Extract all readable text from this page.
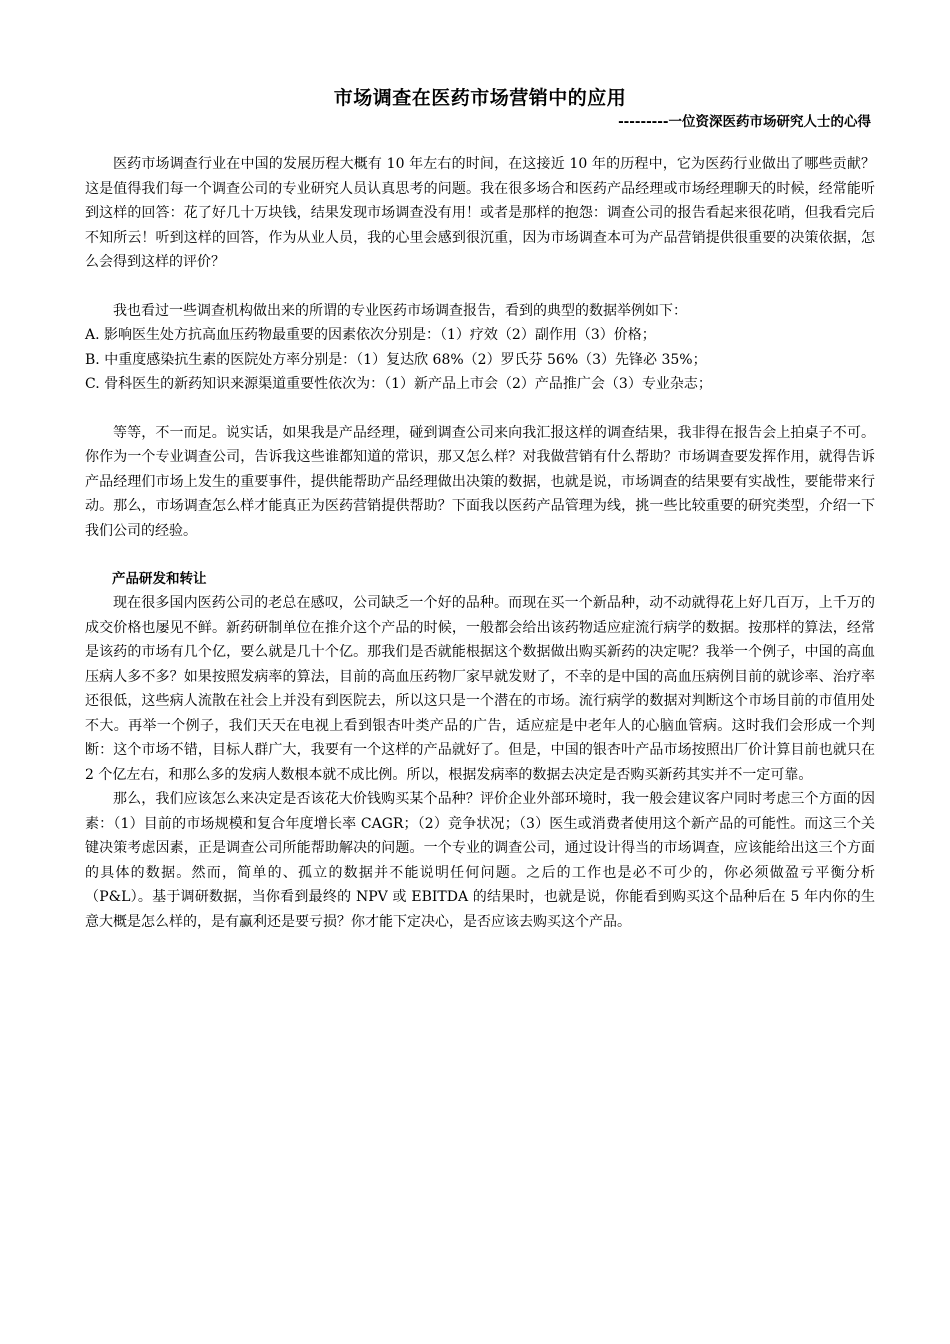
市场调查在医药市场营销中的应用
---------一位资深医药市场研究人士的心得

医药市场调查行业在中国的发展历程大概有 10 年左右的时间，在这接近 10 年的历程中，它为医药行业做出了哪些贡献？这是值得我们每一个调查公司的专业研究人员认真思考的问题。我在很多场合和医药产品经理或市场经理聊天的时候，经常能听到这样的回答：花了好几十万块钱，结果发现市场调查没有用！或者是那样的抱怨：调查公司的报告看起来很花哨，但我看完后不知所云！听到这样的回答，作为从业人员，我的心里会感到很沉重，因为市场调查本可为产品营销提供很重要的决策依据，怎么会得到这样的评价？

我也看过一些调查机构做出来的所谓的专业医药市场调查报告，看到的典型的数据举例如下：

A. 影响医生处方抗高血压药物最重要的因素依次分别是：（1）疗效（2）副作用（3）价格；
B. 中重度感染抗生素的医院处方率分别是：（1）复达欣 68%（2）罗氏芬 56%（3）先锋必 35%；
C. 骨科医生的新药知识来源渠道重要性依次为：（1）新产品上市会（2）产品推广会（3）专业杂志；

等等，不一而足。说实话，如果我是产品经理，碰到调查公司来向我汇报这样的调查结果，我非得在报告会上拍桌子不可。你作为一个专业调查公司，告诉我这些谁都知道的常识，那又怎么样？对我做营销有什么帮助？市场调查要发挥作用，就得告诉产品经理们市场上发生的重要事件，提供能帮助产品经理做出决策的数据，也就是说，市场调查的结果要有实战性，要能带来行动。那么，市场调查怎么样才能真正为医药营销提供帮助？下面我以医药产品管理为线，挑一些比较重要的研究类型，介绍一下我们公司的经验。

产品研发和转让

现在很多国内医药公司的老总在感叹，公司缺乏一个好的品种。而现在买一个新品种，动不动就得花上好几百万，上千万的成交价格也屡见不鲜。新药研制单位在推介这个产品的时候，一般都会给出该药物适应症流行病学的数据。按那样的算法，经常是该药的市场有几个亿，要么就是几十个亿。那我们是否就能根据这个数据做出购买新药的决定呢？我举一个例子，中国的高血压病人多不多？如果按照发病率的算法，目前的高血压药物厂家早就发财了，不幸的是中国的高血压病例目前的就诊率、治疗率还很低，这些病人流散在社会上并没有到医院去，所以这只是一个潜在的市场。流行病学的数据对判断这个市场目前的市值用处不大。再举一个例子，我们天天在电视上看到银杏叶类产品的广告，适应症是中老年人的心脑血管病。这时我们会形成一个判断：这个市场不错，目标人群广大，我要有一个这样的产品就好了。但是，中国的银杏叶产品市场按照出厂价计算目前也就只在 2 个亿左右，和那么多的发病人数根本就不成比例。所以，根据发病率的数据去决定是否购买新药其实并不一定可靠。

那么，我们应该怎么来决定是否该花大价钱购买某个品种？评价企业外部环境时，我一般会建议客户同时考虑三个方面的因素：（1）目前的市场规模和复合年度增长率 CAGR；（2）竞争状况；（3）医生或消费者使用这个新产品的可能性。而这三个关键决策考虑因素，正是调查公司所能帮助解决的问题。一个专业的调查公司，通过设计得当的市场调查，应该能给出这三个方面的具体的数据。然而，简单的、孤立的数据并不能说明任何问题。之后的工作也是必不可少的，你必须做盈亏平衡分析（P&L）。基于调研数据，当你看到最终的 NPV 或 EBITDA 的结果时，也就是说，你能看到购买这个品种后在 5 年内你的生意大概是怎么样的，是有赢利还是要亏损？你才能下定决心，是否应该去购买这个产品。
